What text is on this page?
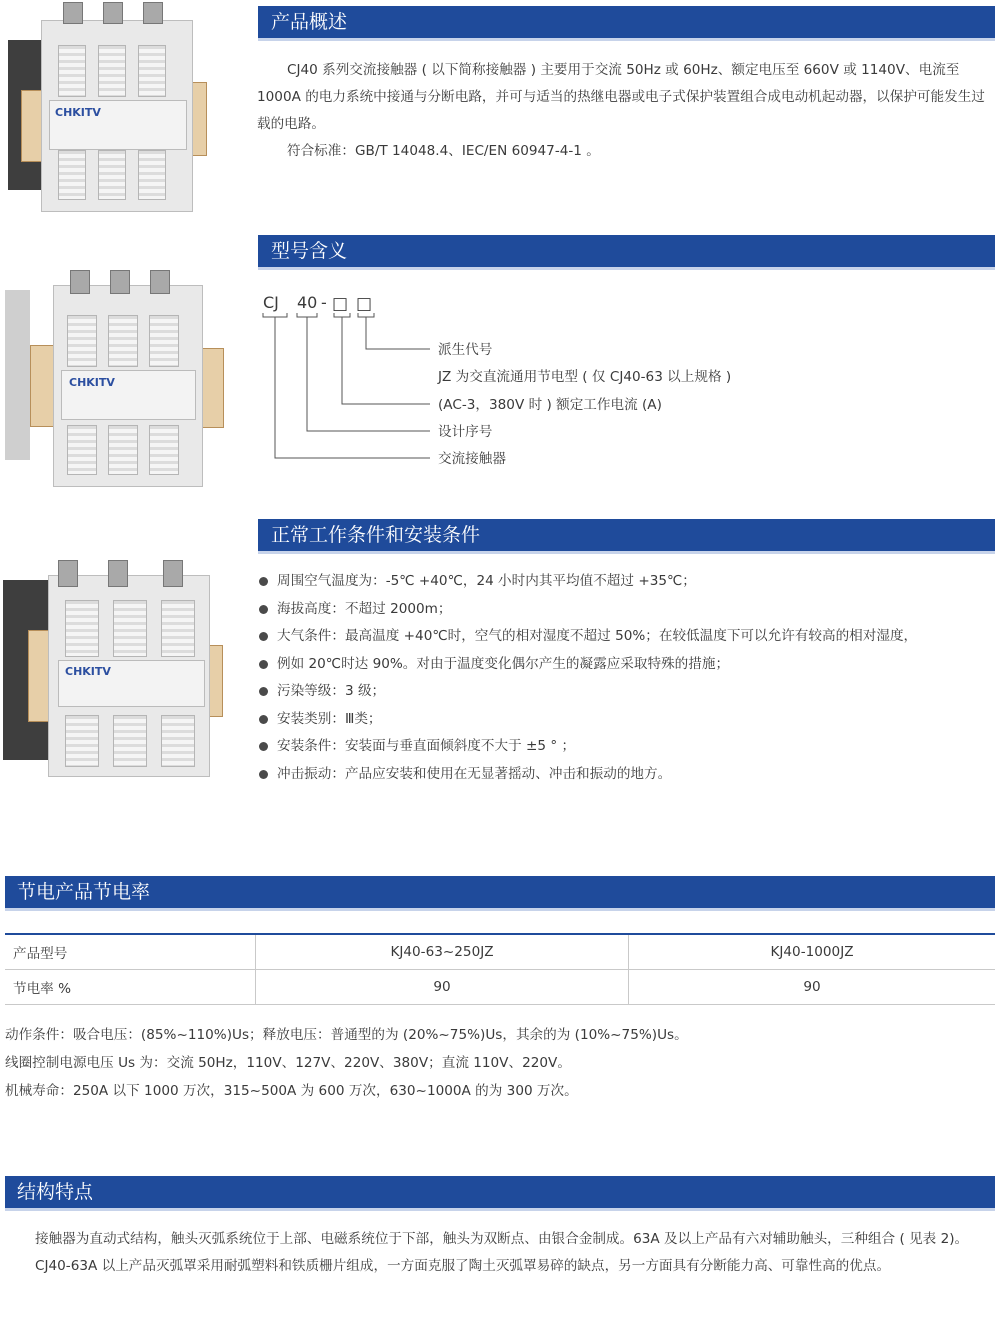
CHKITV
产品概述
CJ40 系列交流接触器 ( 以下简称接触器 ) 主要用于交流 50Hz 或 60Hz、额定电压至 660V 或 1140V、电流至 1000A 的电力系统中接通与分断电路，并可与适当的热继电器或电子式保护装置组合成电动机起动器，以保护可能发生过载的电路。
符合标准：GB/T 14048.4、IEC/EN 60947-4-1 。
CHKITV
型号含义
CJ 40 - □ □
派生代号
JZ 为交直流通用节电型 ( 仅 CJ40-63 以上规格 )
(AC-3，380V 时 ) 额定工作电流 (A)
设计序号
交流接触器
CHKITV
正常工作条件和安装条件
周围空气温度为：-5℃ +40℃，24 小时内其平均值不超过 +35℃；
海拔高度：不超过 2000m；
大气条件：最高温度 +40℃时，空气的相对湿度不超过 50%；在较低温度下可以允许有较高的相对湿度，
例如 20℃时达 90%。对由于温度变化偶尔产生的凝露应采取特殊的措施；
污染等级：3 级；
安装类别：Ⅲ类；
安装条件：安装面与垂直面倾斜度不大于 ±5 ° ；
冲击振动：产品应安装和使用在无显著摇动、冲击和振动的地方。
节电产品节电率
产品型号	KJ40-63~250JZ	KJ40-1000JZ
节电率 %	90	90
动作条件：吸合电压：(85%~110%)Us；释放电压：普通型的为 (20%~75%)Us，其余的为 (10%~75%)Us。
线圈控制电源电压 Us 为：交流 50Hz，110V、127V、220V、380V；直流 110V、220V。
机械寿命：250A 以下 1000 万次，315~500A 为 600 万次，630~1000A 的为 300 万次。
结构特点
接触器为直动式结构，触头灭弧系统位于上部、电磁系统位于下部，触头为双断点、由银合金制成。63A 及以上产品有六对辅助触头，三种组合 ( 见表 2)。
CJ40-63A 以上产品灭弧罩采用耐弧塑料和铁质栅片组成，一方面克服了陶土灭弧罩易碎的缺点，另一方面具有分断能力高、可靠性高的优点。
